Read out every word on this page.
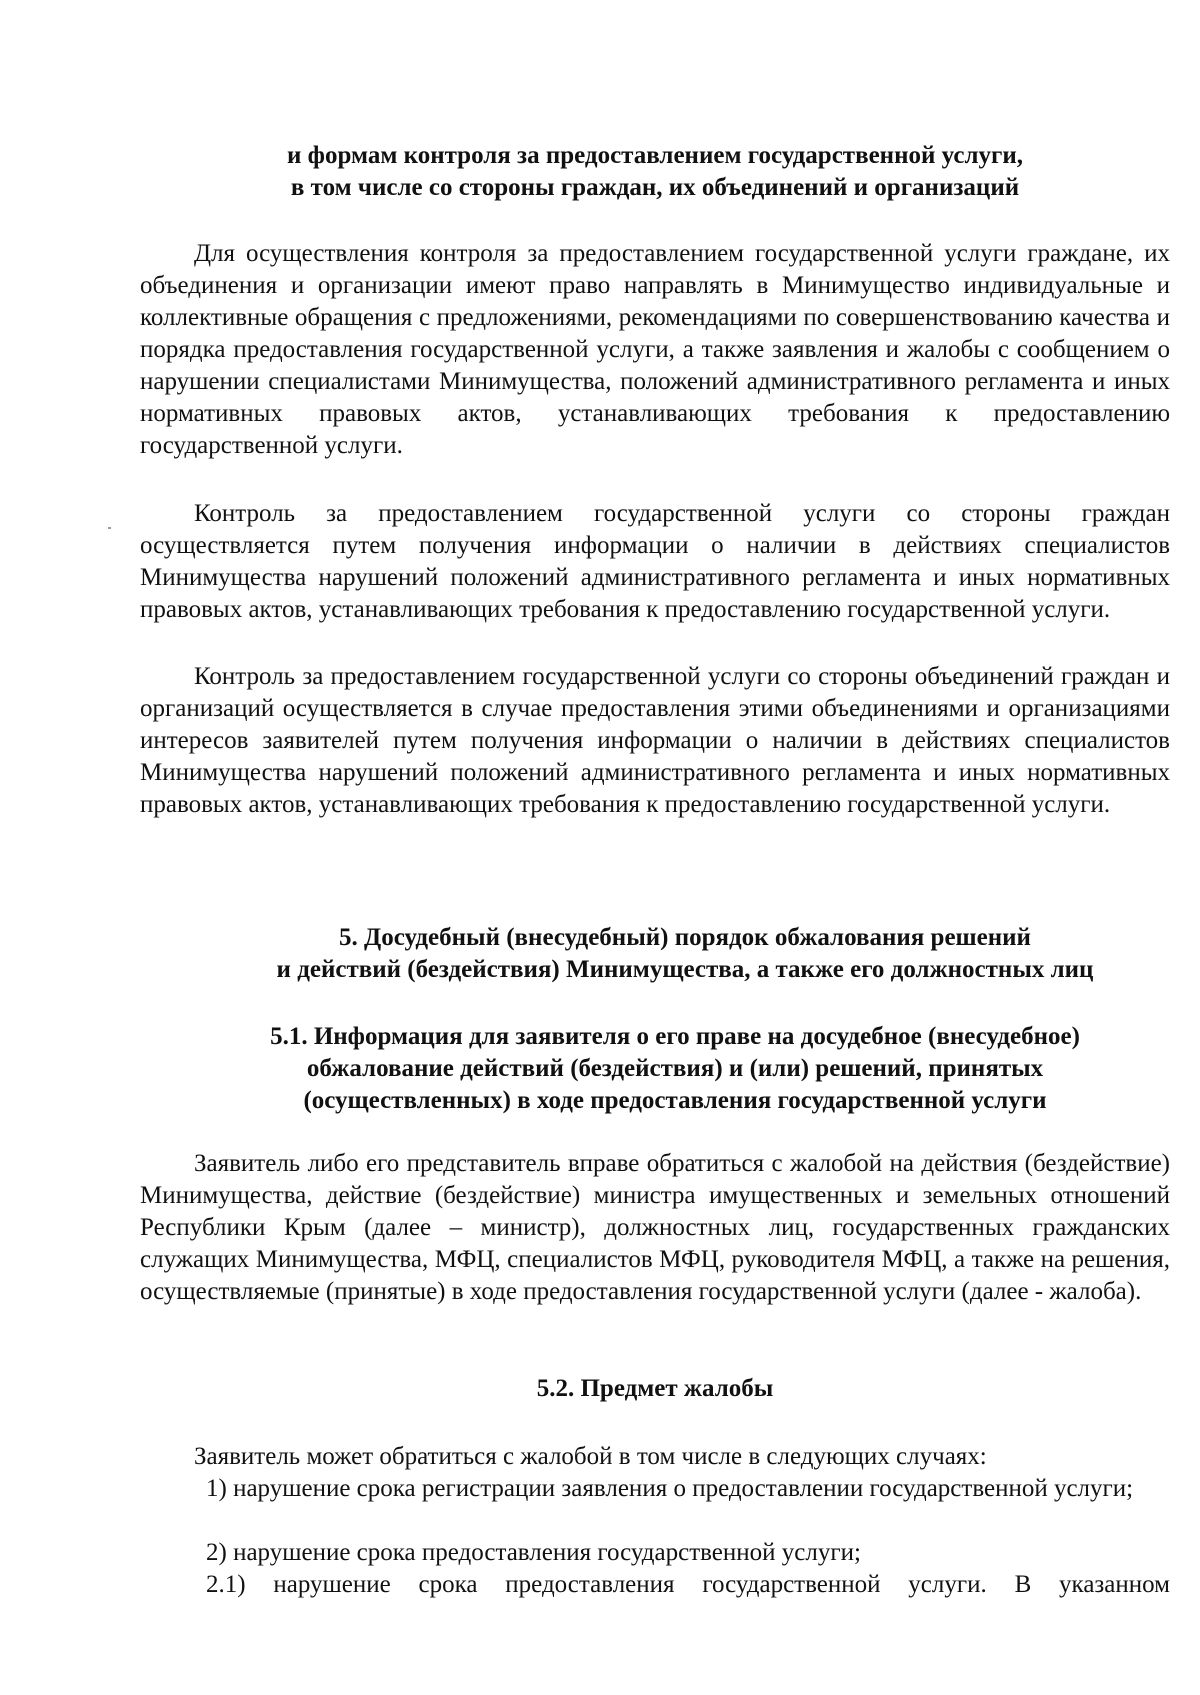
и формам контроля за предоставлением государственной услуги,

в том числе со стороны граждан, их объединений и организаций

Для осуществления контроля за предоставлением государственной услуги граждане, их объединения и организации имеют право направлять в Минимущество индивидуальные и коллективные обращения с предложениями, рекомендациями по совершенствованию качества и порядка предоставления государственной услуги, а также заявления и жалобы с сообщением о нарушении специалистами Минимущества, положений административного регламента и иных нормативных правовых актов, устанавливающих требования к предоставлению государственной услуги.

Контроль за предоставлением государственной услуги со стороны граждан осуществляется путем получения информации о наличии в действиях специалистов Минимущества нарушений положений административного регламента и иных нормативных правовых актов, устанавливающих требования к предоставлению государственной услуги.

Контроль за предоставлением государственной услуги со стороны объединений граждан и организаций осуществляется в случае предоставления этими объединениями и организациями интересов заявителей путем получения информации о наличии в действиях специалистов Минимущества нарушений положений административного регламента и иных нормативных правовых актов, устанавливающих требования к предоставлению государственной услуги.

5. Досудебный (внесудебный) порядок обжалования решений

и действий (бездействия) Минимущества, а также его должностных лиц

5.1. Информация для заявителя о его праве на досудебное (внесудебное)

обжалование действий (бездействия) и (или) решений, принятых

(осуществленных) в ходе предоставления государственной услуги

Заявитель либо его представитель вправе обратиться с жалобой на действия (бездействие) Минимущества, действие (бездействие) министра имущественных и земельных отношений Республики Крым (далее – министр), должностных лиц, государственных гражданских служащих Минимущества, МФЦ, специалистов МФЦ, руководителя МФЦ, а также на решения, осуществляемые (принятые) в ходе предоставления государственной услуги (далее - жалоба).

5.2. Предмет жалобы

Заявитель может обратиться с жалобой в том числе в следующих случаях:

1) нарушение срока регистрации заявления о предоставлении государственной услуги;

2) нарушение срока предоставления государственной услуги;

2.1) нарушение срока предоставления государственной услуги. В указанном
